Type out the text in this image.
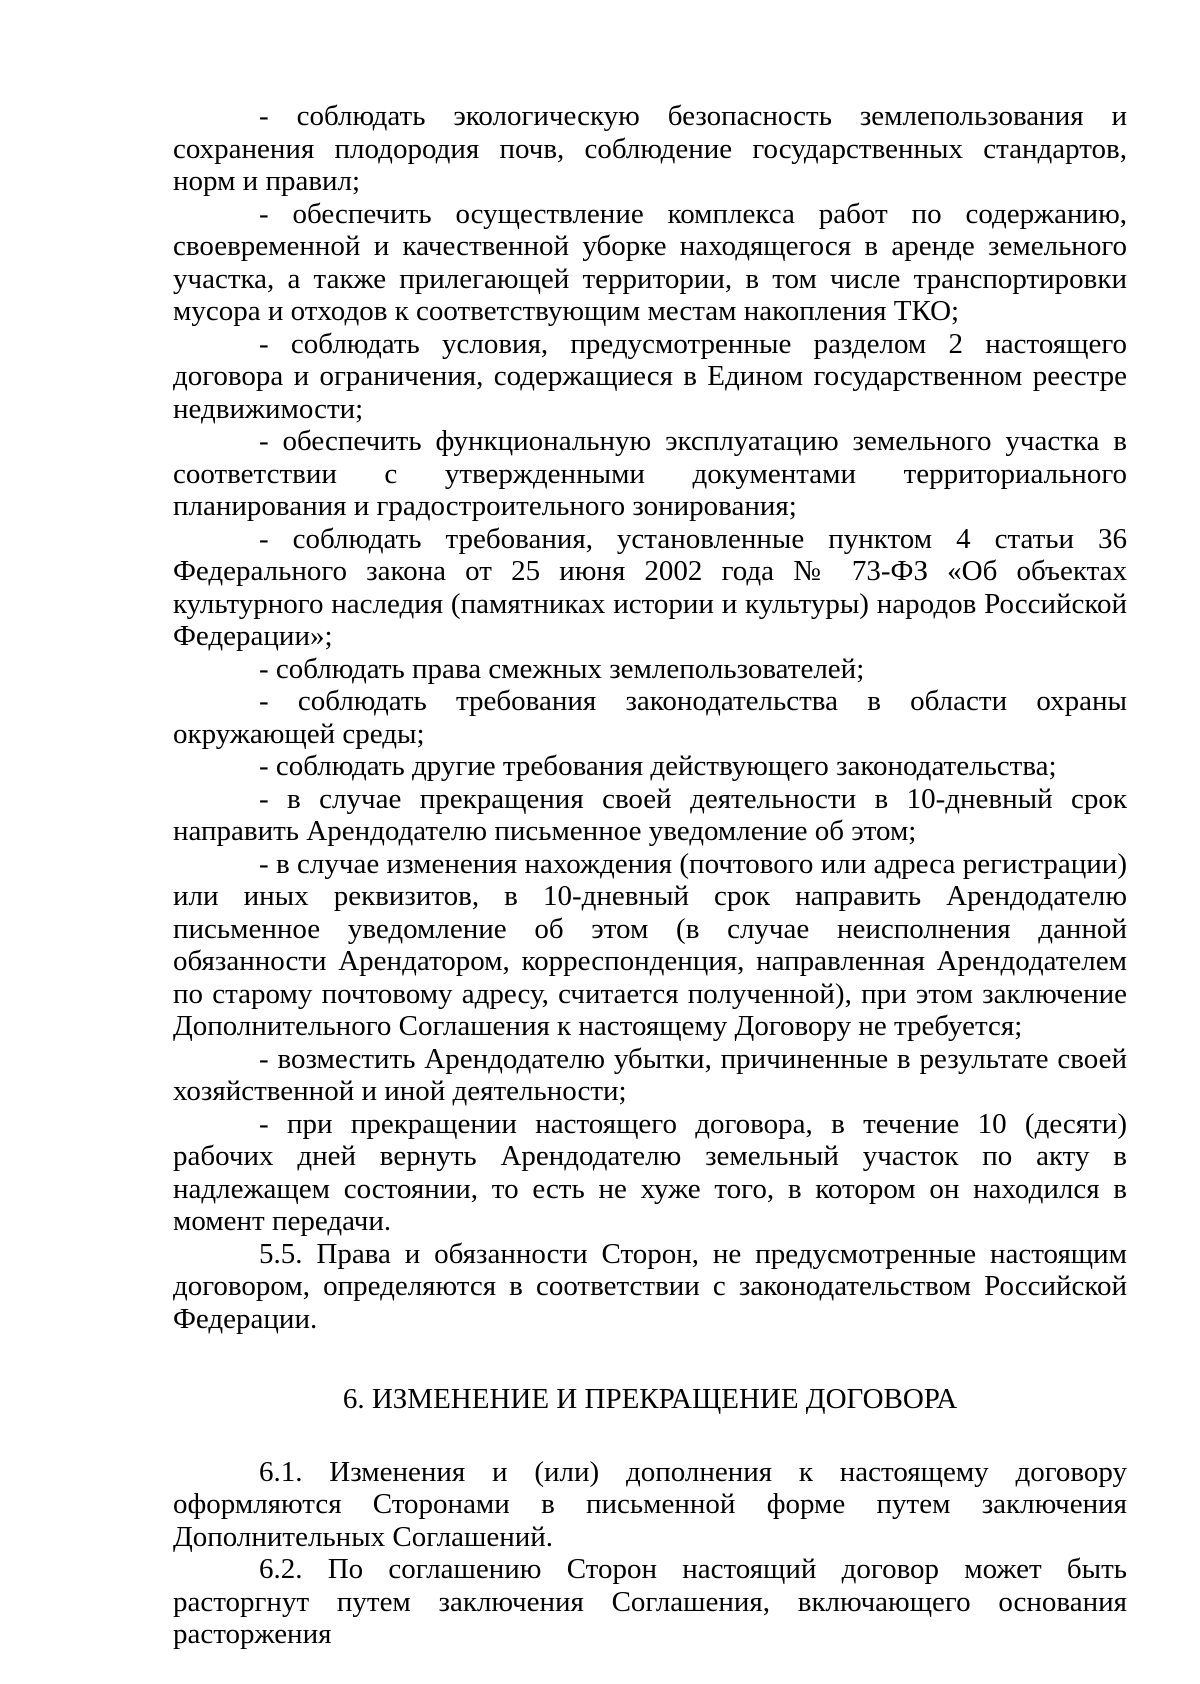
- соблюдать экологическую безопасность землепользования и сохранения плодородия почв, соблюдение государственных стандартов, норм и правил;

- обеспечить осуществление комплекса работ по содержанию, своевременной и качественной уборке находящегося в аренде земельного участка, а также прилегающей территории, в том числе транспортировки мусора и отходов к соответствующим местам накопления ТКО;

- соблюдать условия, предусмотренные разделом 2 настоящего договора и ограничения, содержащиеся в Едином государственном реестре недвижимости;

- обеспечить функциональную эксплуатацию земельного участка в соответствии с утвержденными документами территориального планирования и градостроительного зонирования;

- соблюдать требования, установленные пунктом 4 статьи 36 Федерального закона от 25 июня 2002 года № 73-ФЗ «Об объектах культурного наследия (памятниках истории и культуры) народов Российской Федерации»;

- соблюдать права смежных землепользователей;

- соблюдать требования законодательства в области охраны окружающей среды;

- соблюдать другие требования действующего законодательства;

- в случае прекращения своей деятельности в 10-дневный срок направить Арендодателю письменное уведомление об этом;

- в случае изменения нахождения (почтового или адреса регистрации) или иных реквизитов, в 10-дневный срок направить Арендодателю письменное уведомление об этом (в случае неисполнения данной обязанности Арендатором, корреспонденция, направленная Арендодателем по старому почтовому адресу, считается полученной), при этом заключение Дополнительного Соглашения к настоящему Договору не требуется;

- возместить Арендодателю убытки, причиненные в результате своей хозяйственной и иной деятельности;

- при прекращении настоящего договора, в течение 10 (десяти) рабочих дней вернуть Арендодателю земельный участок по акту в надлежащем состоянии, то есть не хуже того, в котором он находился в момент передачи.

5.5. Права и обязанности Сторон, не предусмотренные настоящим договором, определяются в соответствии с законодательством Российской Федерации.

6. ИЗМЕНЕНИЕ И ПРЕКРАЩЕНИЕ ДОГОВОРА

6.1. Изменения и (или) дополнения к настоящему договору оформляются Сторонами в письменной форме путем заключения Дополнительных Соглашений.

6.2. По соглашению Сторон настоящий договор может быть расторгнут путем заключения Соглашения, включающего основания расторжения
